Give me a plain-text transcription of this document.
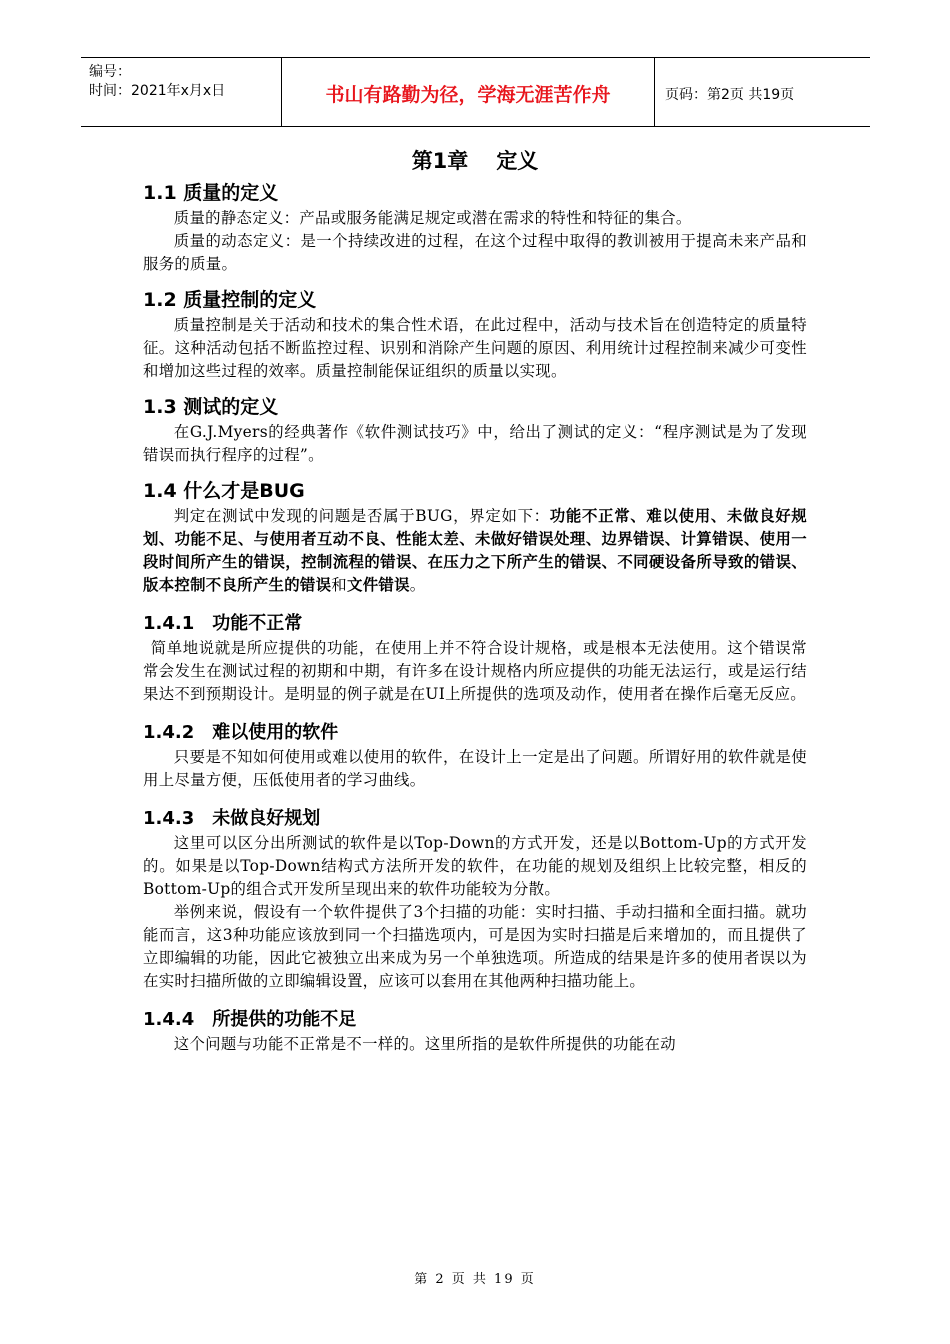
编号：
时间：2021年x月x日	书山有路勤为径，学海无涯苦作舟	页码：第2页 共19页
第1章 定义
1.1 质量的定义

质量的静态定义：产品或服务能满足规定或潜在需求的特性和特征的集合。

质量的动态定义：是一个持续改进的过程，在这个过程中取得的教训被用于提高未来产品和服务的质量。

1.2 质量控制的定义

质量控制是关于活动和技术的集合性术语，在此过程中，活动与技术旨在创造特定的质量特征。这种活动包括不断监控过程、识别和消除产生问题的原因、利用统计过程控制来减少可变性和增加这些过程的效率。质量控制能保证组织的质量以实现。

1.3 测试的定义

在G.J.Myers的经典著作《软件测试技巧》中，给出了测试的定义：“程序测试是为了发现错误而执行程序的过程”。

1.4 什么才是BUG

判定在测试中发现的问题是否属于BUG，界定如下：功能不正常、难以使用、未做良好规划、功能不足、与使用者互动不良、性能太差、未做好错误处理、边界错误、计算错误、使用一段时间所产生的错误，控制流程的错误、在压力之下所产生的错误、不同硬设备所导致的错误、版本控制不良所产生的错误和文件错误。

1.4.1　功能不正常

简单地说就是所应提供的功能，在使用上并不符合设计规格，或是根本无法使用。这个错误常常会发生在测试过程的初期和中期，有许多在设计规格内所应提供的功能无法运行，或是运行结果达不到预期设计。是明显的例子就是在UI上所提供的选项及动作，使用者在操作后毫无反应。

1.4.2　难以使用的软件

只要是不知如何使用或难以使用的软件，在设计上一定是出了问题。所谓好用的软件就是使用上尽量方便，压低使用者的学习曲线。

1.4.3　未做良好规划

这里可以区分出所测试的软件是以Top-Down的方式开发，还是以Bottom-Up的方式开发的。如果是以Top-Down结构式方法所开发的软件，在功能的规划及组织上比较完整，相反的Bottom-Up的组合式开发所呈现出来的软件功能较为分散。

举例来说，假设有一个软件提供了3个扫描的功能：实时扫描、手动扫描和全面扫描。就功能而言，这3种功能应该放到同一个扫描选项内，可是因为实时扫描是后来增加的，而且提供了立即编辑的功能，因此它被独立出来成为另一个单独选项。所造成的结果是许多的使用者误以为在实时扫描所做的立即编辑设置，应该可以套用在其他两种扫描功能上。

1.4.4　所提供的功能不足

这个问题与功能不正常是不一样的。这里所指的是软件所提供的功能在动

第 2 页 共 19 页
